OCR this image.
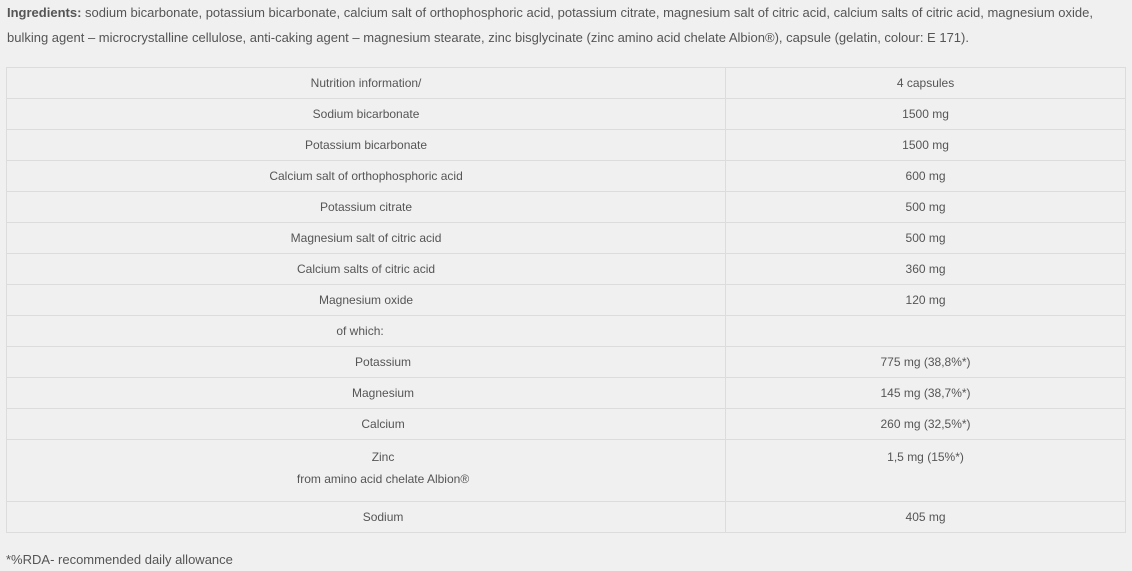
Ingredients: sodium bicarbonate, potassium bicarbonate, calcium salt of orthophosphoric acid, potassium citrate, magnesium salt of citric acid, calcium salts of citric acid, magnesium oxide, bulking agent – microcrystalline cellulose, anti-caking agent – magnesium stearate, zinc bisglycinate (zinc amino acid chelate Albion®), capsule (gelatin, colour: E 171).
Nutrition information/	4 capsules
Sodium bicarbonate	1500 mg
Potassium bicarbonate	1500 mg
Calcium salt of orthophosphoric acid	600 mg
Potassium citrate	500 mg
Magnesium salt of citric acid	500 mg
Calcium salts of citric acid	360 mg
Magnesium oxide	120 mg
of which:	
Potassium	775 mg (38,8%*)
Magnesium	145 mg (38,7%*)
Calcium	260 mg (32,5%*)

Zinc
from amino acid chelate Albion®	1,5 mg (15%*)

Sodium	405 mg
*%RDA- recommended daily allowance
